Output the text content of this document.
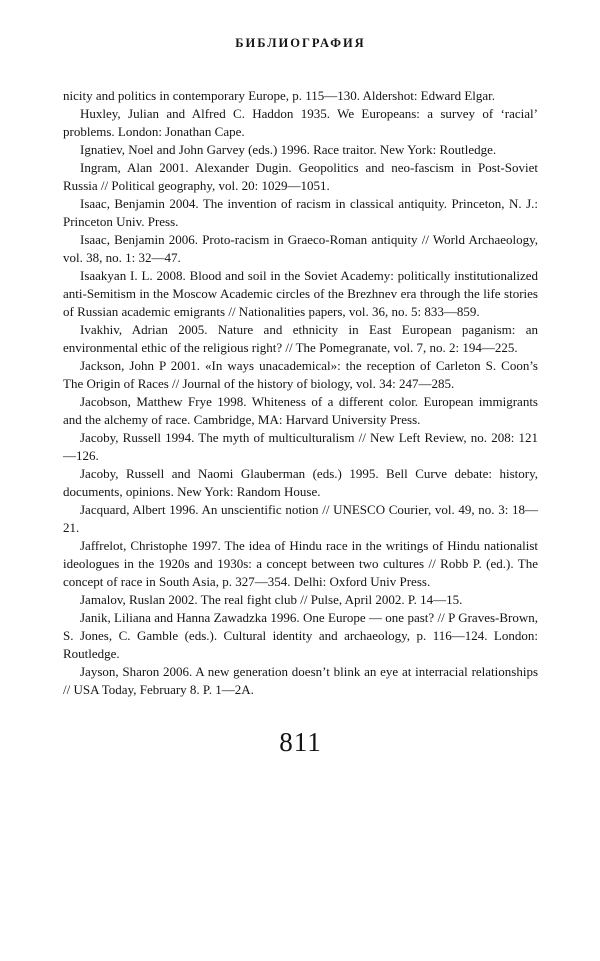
БИБЛИОГРАФИЯ

nicity and politics in contemporary Europe, p. 115—130. Aldershot: Edward Elgar.

Huxley, Julian and Alfred C. Haddon 1935. We Europeans: a survey of ‘racial’ problems. London: Jonathan Cape.

Ignatiev, Noel and John Garvey (eds.) 1996. Race traitor. New York: Routledge.

Ingram, Alan 2001. Alexander Dugin. Geopolitics and neo-fascism in Post-Soviet Russia // Political geography, vol. 20: 1029—1051.

Isaac, Benjamin 2004. The invention of racism in classical antiquity. Princeton, N. J.: Princeton Univ. Press.

Isaac, Benjamin 2006. Proto-racism in Graeco-Roman antiquity // World Archaeology, vol. 38, no. 1: 32—47.

Isaakyan I. L. 2008. Blood and soil in the Soviet Academy: politically institutionalized anti-Semitism in the Moscow Academic circles of the Brezhnev era through the life stories of Russian academic emigrants // Nationalities papers, vol. 36, no. 5: 833—859.

Ivakhiv, Adrian 2005. Nature and ethnicity in East European paganism: an environmental ethic of the religious right? // The Pomegranate, vol. 7, no. 2: 194—225.

Jackson, John P 2001. «In ways unacademical»: the reception of Carleton S. Coon’s The Origin of Races // Journal of the history of biology, vol. 34: 247—285.

Jacobson, Matthew Frye 1998. Whiteness of a different color. European immigrants and the alchemy of race. Cambridge, MA: Harvard University Press.

Jacoby, Russell 1994. The myth of multiculturalism // New Left Review, no. 208: 121—126.

Jacoby, Russell and Naomi Glauberman (eds.) 1995. Bell Curve debate: history, documents, opinions. New York: Random House.

Jacquard, Albert 1996. An unscientific notion // UNESCO Courier, vol. 49, no. 3: 18—21.

Jaffrelot, Christophe 1997. The idea of Hindu race in the writings of Hindu nationalist ideologues in the 1920s and 1930s: a concept between two cultures // Robb P. (ed.). The concept of race in South Asia, p. 327—354. Delhi: Oxford Univ Press.

Jamalov, Ruslan 2002. The real fight club // Pulse, April 2002. P. 14—15.

Janik, Liliana and Hanna Zawadzka 1996. One Europe — one past? // P Graves-Brown, S. Jones, C. Gamble (eds.). Cultural identity and archaeology, p. 116—124. London: Routledge.

Jayson, Sharon 2006. A new generation doesn’t blink an eye at interracial relationships // USA Today, February 8. P. 1—2A.

811
